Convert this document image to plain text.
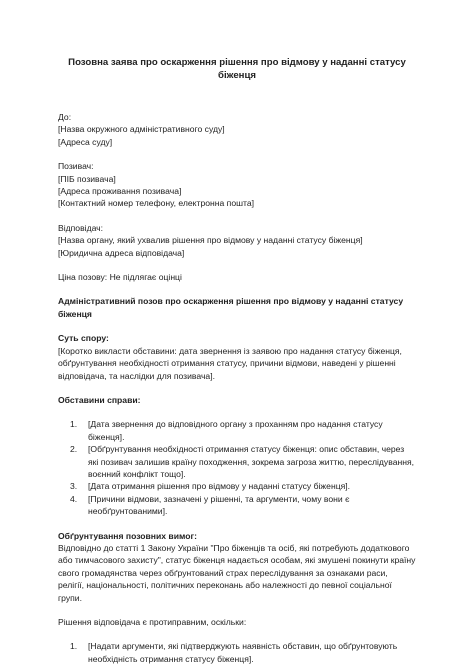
Позовна заява про оскарження рішення про відмову у наданні статусу біженця
До:
[Назва окружного адміністративного суду]
[Адреса суду]
Позивач:
[ПІБ позивача]
[Адреса проживання позивача]
[Контактний номер телефону, електронна пошта]
Відповідач:
[Назва органу, який ухвалив рішення про відмову у наданні статусу біженця]
[Юридична адреса відповідача]
Ціна позову: Не підлягає оцінці
Адміністративний позов про оскарження рішення про відмову у наданні статусу біженця
Суть спору:
[Коротко викласти обставини: дата звернення із заявою про надання статусу біженця, обґрунтування необхідності отримання статусу, причини відмови, наведені у рішенні відповідача, та наслідки для позивача].
Обставини справи:
1. [Дата звернення до відповідного органу з проханням про надання статусу біженця].
2. [Обґрунтування необхідності отримання статусу біженця: опис обставин, через які позивач залишив країну походження, зокрема загроза життю, переслідування, воєнний конфлікт тощо].
3. [Дата отримання рішення про відмову у наданні статусу біженця].
4. [Причини відмови, зазначені у рішенні, та аргументи, чому вони є необґрунтованими].
Обґрунтування позовних вимог:
Відповідно до статті 1 Закону України "Про біженців та осіб, які потребують додаткового або тимчасового захисту", статус біженця надається особам, які змушені покинути країну свого громадянства через обґрунтований страх переслідування за ознаками раси, релігії, національності, політичних переконань або належності до певної соціальної групи.
Рішення відповідача є протиправним, оскільки:
1. [Надати аргументи, які підтверджують наявність обставин, що обґрунтовують необхідність отримання статусу біженця].
